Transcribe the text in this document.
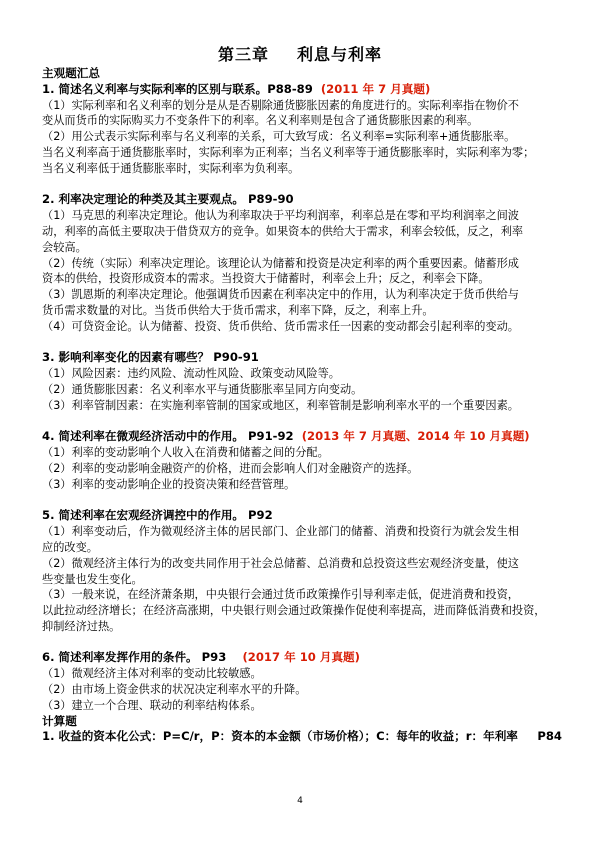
第三章 利息与利率
主观题汇总
1. 简述名义利率与实际利率的区别与联系。P88-89 (2011 年 7 月真题)
（1）实际利率和名义利率的划分是从是否剔除通货膨胀因素的角度进行的。实际利率指在物价不
变从而货币的实际购买力不变条件下的利率。名义利率则是包含了通货膨胀因素的利率。
（2）用公式表示实际利率与名义利率的关系，可大致写成：名义利率=实际利率+通货膨胀率。
当名义利率高于通货膨胀率时，实际利率为正利率；当名义利率等于通货膨胀率时，实际利率为零；
当名义利率低于通货膨胀率时，实际利率为负利率。
2. 利率决定理论的种类及其主要观点。 P89-90
（1）马克思的利率决定理论。他认为利率取决于平均利润率，利率总是在零和平均利润率之间波
动，利率的高低主要取决于借贷双方的竞争。如果资本的供给大于需求，利率会较低，反之，利率
会较高。
（2）传统（实际）利率决定理论。该理论认为储蓄和投资是决定利率的两个重要因素。储蓄形成
资本的供给，投资形成资本的需求。当投资大于储蓄时，利率会上升；反之，利率会下降。
（3）凯恩斯的利率决定理论。他强调货币因素在利率决定中的作用，认为利率决定于货币供给与
货币需求数量的对比。当货币供给大于货币需求，利率下降，反之，利率上升。
（4）可贷资金论。认为储蓄、投资、货币供给、货币需求任一因素的变动都会引起利率的变动。
3. 影响利率变化的因素有哪些？ P90-91
（1）风险因素：违约风险、流动性风险、政策变动风险等。
（2）通货膨胀因素：名义利率水平与通货膨胀率呈同方向变动。
（3）利率管制因素：在实施利率管制的国家或地区，利率管制是影响利率水平的一个重要因素。
4. 简述利率在微观经济活动中的作用。 P91-92 (2013 年 7 月真题、2014 年 10 月真题)
（1）利率的变动影响个人收入在消费和储蓄之间的分配。
（2）利率的变动影响金融资产的价格，进而会影响人们对金融资产的选择。
（3）利率的变动影响企业的投资决策和经营管理。
5. 简述利率在宏观经济调控中的作用。 P92
（1）利率变动后，作为微观经济主体的居民部门、企业部门的储蓄、消费和投资行为就会发生相
应的改变。
（2）微观经济主体行为的改变共同作用于社会总储蓄、总消费和总投资这些宏观经济变量，使这
些变量也发生变化。
（3）一般来说，在经济萧条期，中央银行会通过货币政策操作引导利率走低，促进消费和投资，
以此拉动经济增长；在经济高涨期，中央银行则会通过政策操作促使利率提高，进而降低消费和投资，
抑制经济过热。
6. 简述利率发挥作用的条件。 P93 (2017 年 10 月真题)
（1）微观经济主体对利率的变动比较敏感。
（2）由市场上资金供求的状况决定利率水平的升降。
（3）建立一个合理、联动的利率结构体系。
计算题
1. 收益的资本化公式：P=C/r，P：资本的本金额（市场价格）；C：每年的收益；r：年利率 P84
4
